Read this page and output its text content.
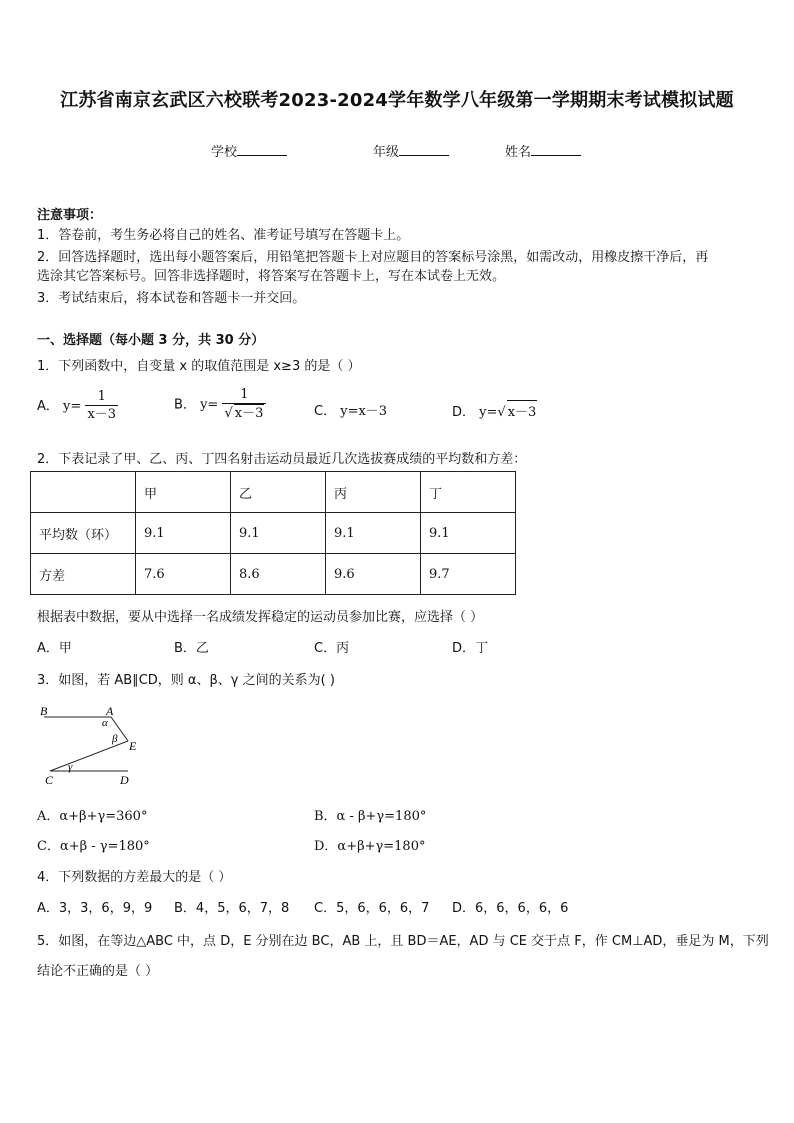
江苏省南京玄武区六校联考2023-2024学年数学八年级第一学期期末考试模拟试题
学校	年级	姓名
注意事项：
1．答卷前，考生务必将自己的姓名、准考证号填写在答题卡上。
2．回答选择题时，选出每小题答案后，用铅笔把答题卡上对应题目的答案标号涂黑，如需改动，用橡皮擦干净后，再
选涂其它答案标号。回答非选择题时，将答案写在答题卡上，写在本试卷上无效。
3．考试结束后，将本试卷和答题卡一并交回。
一、选择题（每小题 3 分，共 30 分）
1．下列函数中，自变量 x 的取值范围是 x≥3 的是（ ）
A． $y= \frac{1}{x-3}$	B． $y= \frac{1}{√ x-3}$	C． y=x－3	D． y=√ x－3
2．下表记录了甲、乙、丙、丁四名射击运动员最近几次选拔赛成绩的平均数和方差：
	甲	乙	丙	丁
平均数（环）	9.1	9.1	9.1	9.1
方差	7.6	8.6	9.6	9.7
根据表中数据，要从中选择一名成绩发挥稳定的运动员参加比赛，应选择（ ）
A．甲	B．乙	C．丙	D．丁
3．如图，若 AB∥CD，则 α、β、γ 之间的关系为( )
B	A
α
β E
γ
C	D
A．α+β+γ=360°	B．α - β+γ=180°
C．α+β - γ=180°	D．α+β+γ=180°
4．下列数据的方差最大的是（ ）
A．3，3，6，9，9 B．4，5，6，7，8 C．5，6，6，6，7 D．6，6，6，6，6
5．如图，在等边△ABC 中，点 D，E 分别在边 BC，AB 上，且 BD＝AE，AD 与 CE 交于点 F，作 CM⊥AD，垂足为 M，下列
结论不正确的是（ ）
